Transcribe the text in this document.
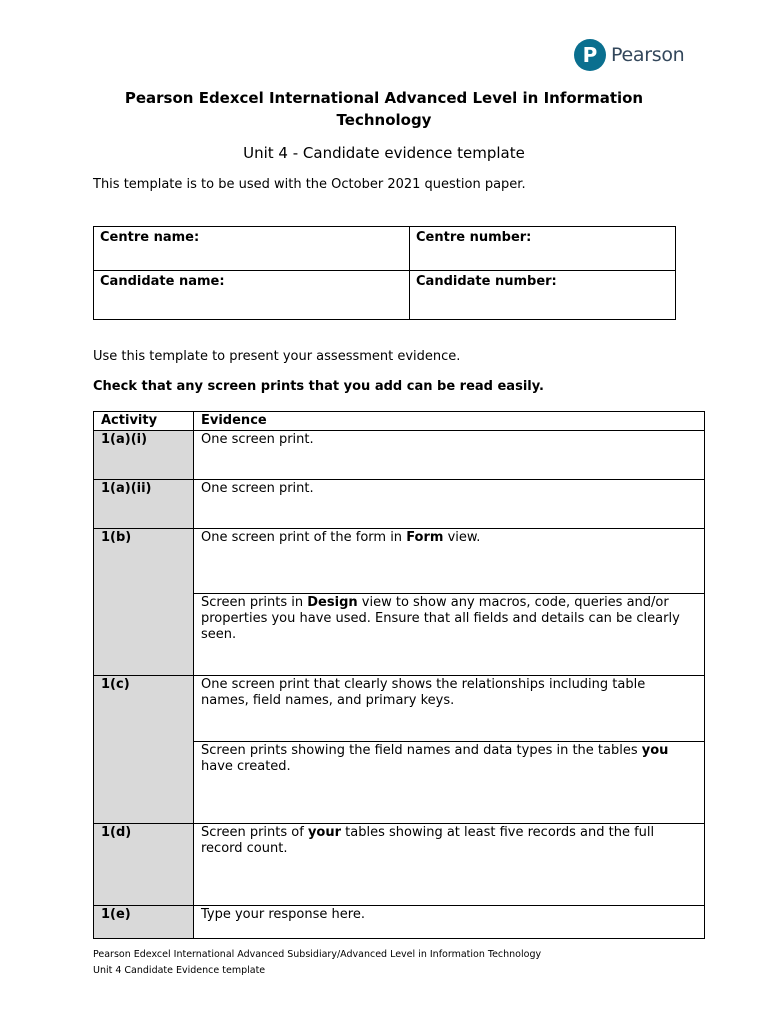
P Pearson
Pearson Edexcel International Advanced Level in Information Technology
Unit 4 - Candidate evidence template
This template is to be used with the October 2021 question paper.
Centre name:	Centre number:
Candidate name:	Candidate number:
Use this template to present your assessment evidence.
Check that any screen prints that you add can be read easily.
Activity	Evidence
1(a)(i)	One screen print.
1(a)(ii)	One screen print.
1(b)	One screen print of the form in Form view.
	Screen prints in Design view to show any macros, code, queries and/or properties you have used. Ensure that all fields and details can be clearly seen.
1(c)	One screen print that clearly shows the relationships including table names, field names, and primary keys.
	Screen prints showing the field names and data types in the tables you have created.
1(d)	Screen prints of your tables showing at least five records and the full record count.
1(e)	Type your response here.
Pearson Edexcel International Advanced Subsidiary/Advanced Level in Information Technology
Unit 4 Candidate Evidence template
